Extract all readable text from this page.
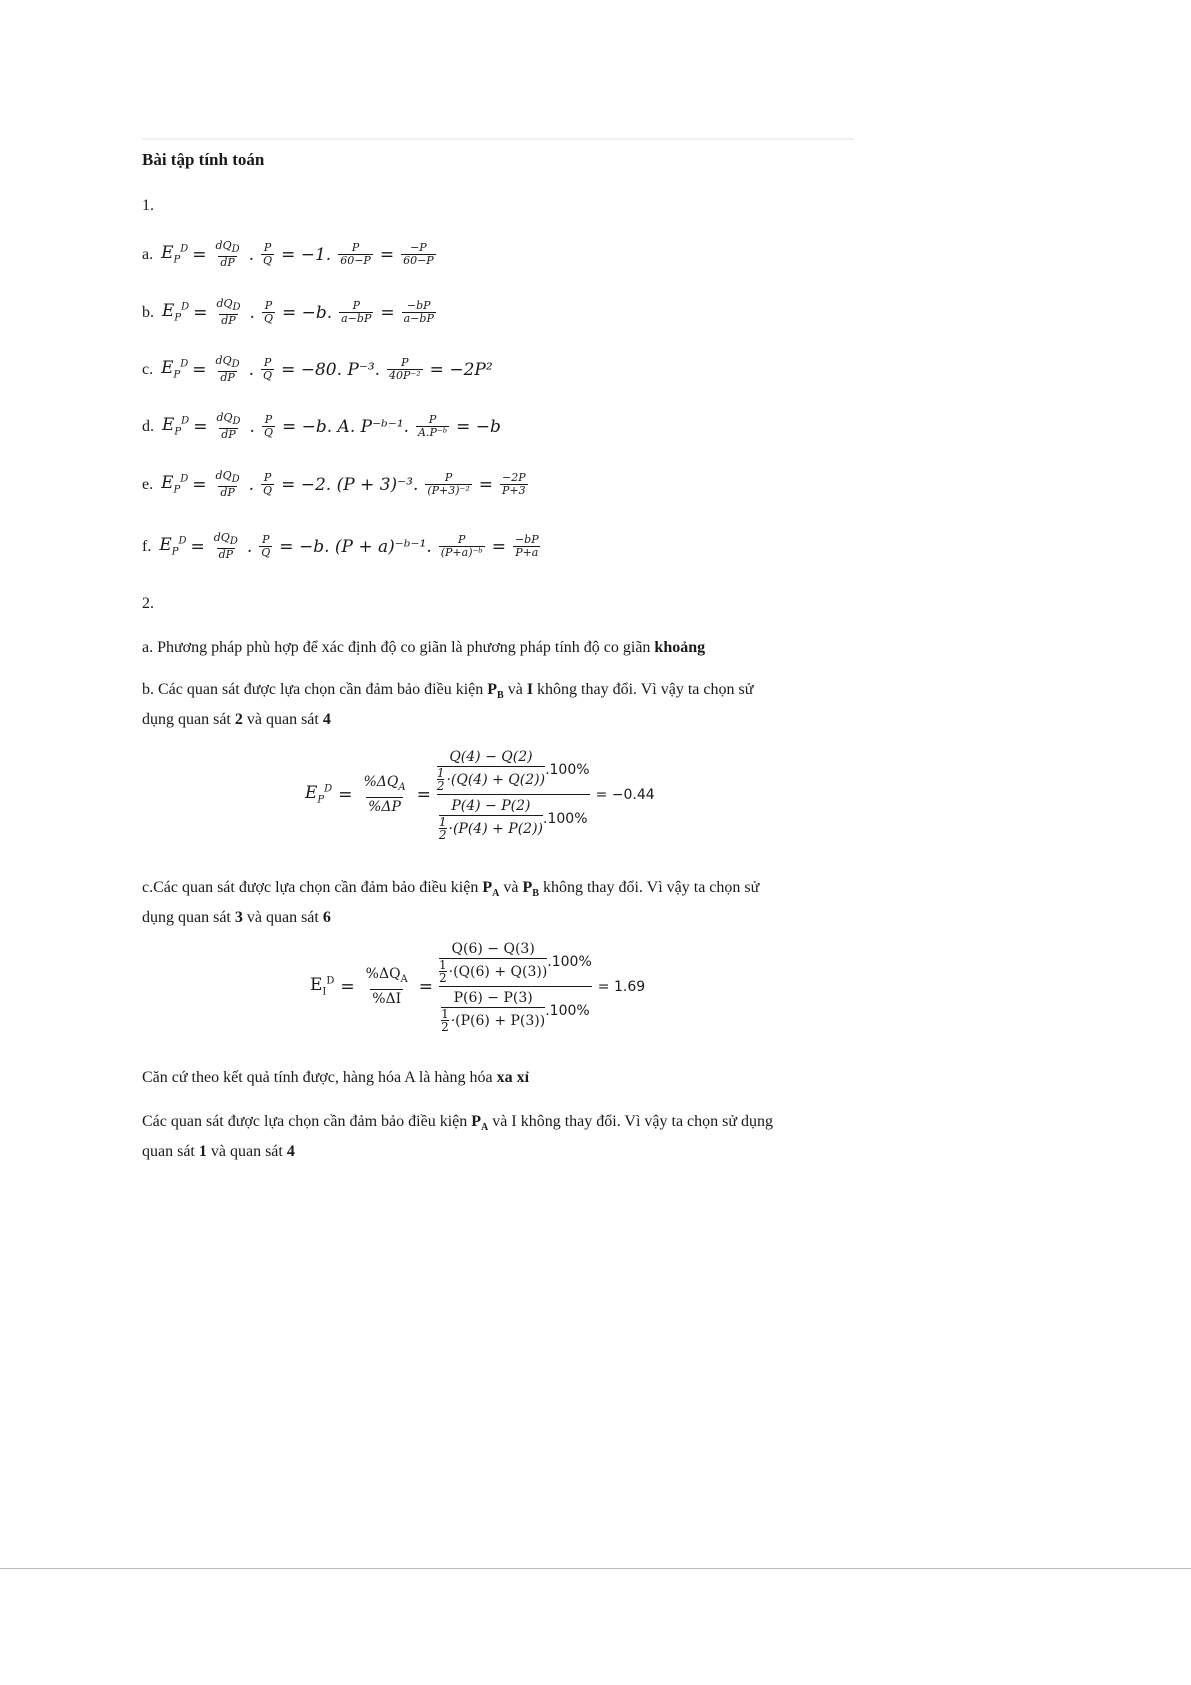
Bài tập tính toán
1.
a. $E_P^D = \frac{dQ_D}{dP}$ . $\frac{P}{Q} = -1$. $\frac{P}{60-P} = \frac{-P}{60-P}$
b. $E_P^D = \frac{dQ_D}{dP}$ . $\frac{P}{Q} = -b$. $\frac{P}{a-bP} = \frac{-bP}{a-bP}$
c. $E_P^D = \frac{dQ_D}{dP}$ . $\frac{P}{Q} = -80$. P⁻³. $\frac{P}{\text{40P⁻²}} = -2P^2$
d. $E_P^D = \frac{dQ_D}{dP}$ . $\frac{P}{Q} = -b$. A. P⁻ᵇ⁻¹. $\frac{P}{\text{A.P⁻ᵇ}} = -b$
e. $E_P^D = \frac{dQ_D}{dP}$ . $\frac{P}{Q} = -2$. (P + 3)⁻³. $\frac{P}{\text{(P+3)⁻²}} = \frac{-2P}{P+3}$
f. $E_P^D = \frac{dQ_D}{dP}$ . $\frac{P}{Q} = -b$. (P + a)⁻ᵇ⁻¹. $\frac{P}{\text{(P+a)⁻ᵇ}} = \frac{-bP}{P+a}$
2.
a. Phương pháp phù hợp để xác định độ co giãn là phương pháp tính độ co giãn khoảng
b. Các quan sát được lựa chọn cần đảm bảo điều kiện $P_B$ và I không thay đổi. Vì vậy ta chọn sử
dụng quan sát 2 và quan sát 4
$E_P^D = \frac{\%\Delta Q_A}{\%\Delta P}$ =
Q(4) − Q(2)
1
2 ·(Q(4) + Q(2))
.100%
P(4) − P(2)
1
2 ·(P(4) + P(2))
.100%
= −0.44
c.Các quan sát được lựa chọn cần đảm bảo điều kiện $P_A$ và $P_B$ không thay đổi. Vì vậy ta chọn sử
dụng quan sát 3 và quan sát 6
$E_I^D = \frac{\%\Delta Q_A}{\%\Delta I}$ =
Q(6) − Q(3)
1
2 ·(Q(6) + Q(3))
.100%
P(6) − P(3)
1
2 ·(P(6) + P(3))
.100%
= 1.69
Căn cứ theo kết quả tính được, hàng hóa A là hàng hóa xa xỉ
Các quan sát được lựa chọn cần đảm bảo điều kiện $P_A$ và I không thay đổi. Vì vậy ta chọn sử dụng
quan sát 1 và quan sát 4
